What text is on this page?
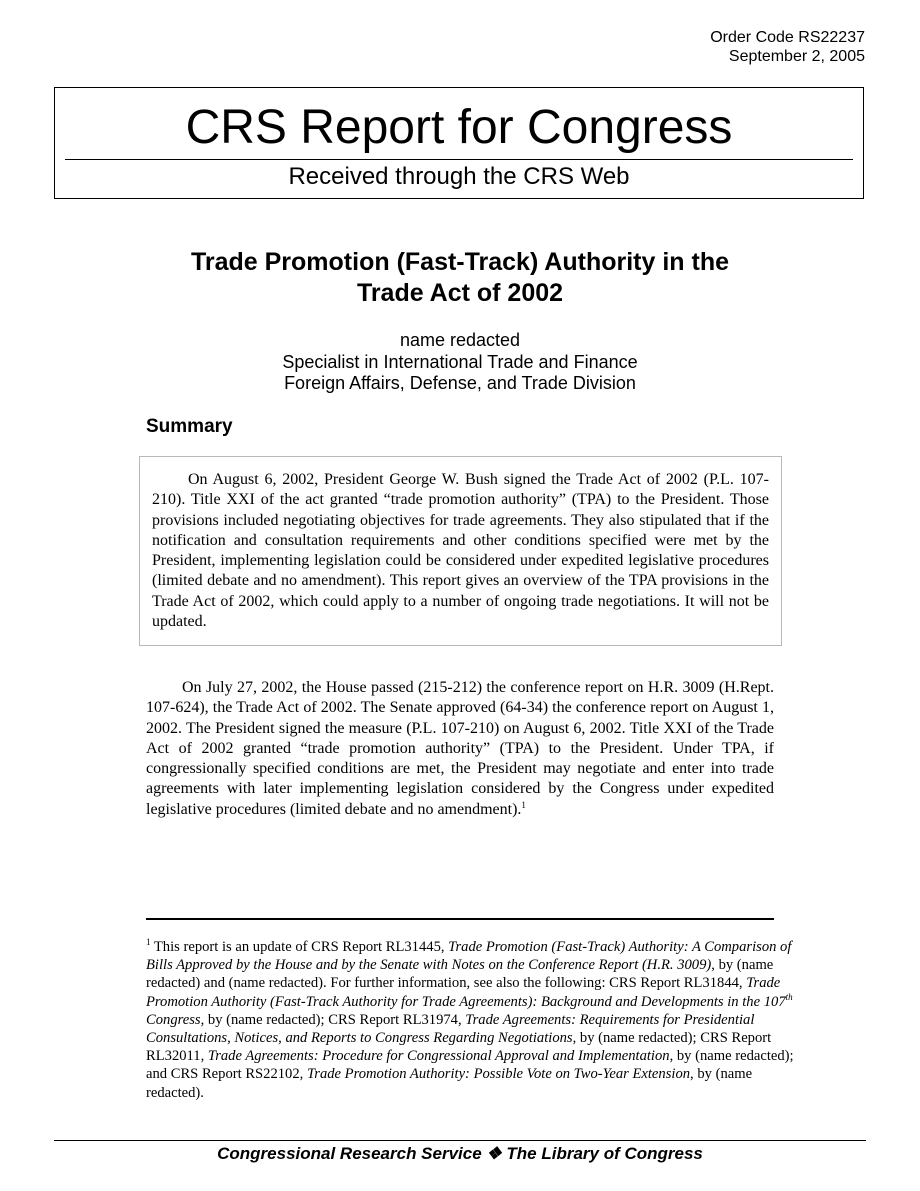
Order Code RS22237
September 2, 2005
CRS Report for Congress
Received through the CRS Web
Trade Promotion (Fast-Track) Authority in the
Trade Act of 2002
name redacted
Specialist in International Trade and Finance
Foreign Affairs, Defense, and Trade Division
Summary

On August 6, 2002, President George W. Bush signed the Trade Act of 2002 (P.L. 107-210). Title XXI of the act granted “trade promotion authority” (TPA) to the President. Those provisions included negotiating objectives for trade agreements. They also stipulated that if the notification and consultation requirements and other conditions specified were met by the President, implementing legislation could be considered under expedited legislative procedures (limited debate and no amendment). This report gives an overview of the TPA provisions in the Trade Act of 2002, which could apply to a number of ongoing trade negotiations. It will not be updated.

On July 27, 2002, the House passed (215-212) the conference report on H.R. 3009 (H.Rept. 107-624), the Trade Act of 2002. The Senate approved (64-34) the conference report on August 1, 2002. The President signed the measure (P.L. 107-210) on August 6, 2002. Title XXI of the Trade Act of 2002 granted “trade promotion authority” (TPA) to the President. Under TPA, if congressionally specified conditions are met, the President may negotiate and enter into trade agreements with later implementing legislation considered by the Congress under expedited legislative procedures (limited debate and no amendment).$^1$

$^1$ This report is an update of CRS Report RL31445, Trade Promotion (Fast-Track) Authority: A Comparison of Bills Approved by the House and by the Senate with Notes on the Conference Report (H.R. 3009), by (name redacted) and (name redacted). For further information, see also the following: CRS Report RL31844, Trade Promotion Authority (Fast-Track Authority for Trade Agreements): Background and Developments in the 107th Congress, by (name redacted); CRS Report RL31974, Trade Agreements: Requirements for Presidential Consultations, Notices, and Reports to Congress Regarding Negotiations, by (name redacted); CRS Report RL32011, Trade Agreements: Procedure for Congressional Approval and Implementation, by (name redacted); and CRS Report RS22102, Trade Promotion Authority: Possible Vote on Two-Year Extension, by (name redacted).

Congressional Research Service ❖ The Library of Congress
